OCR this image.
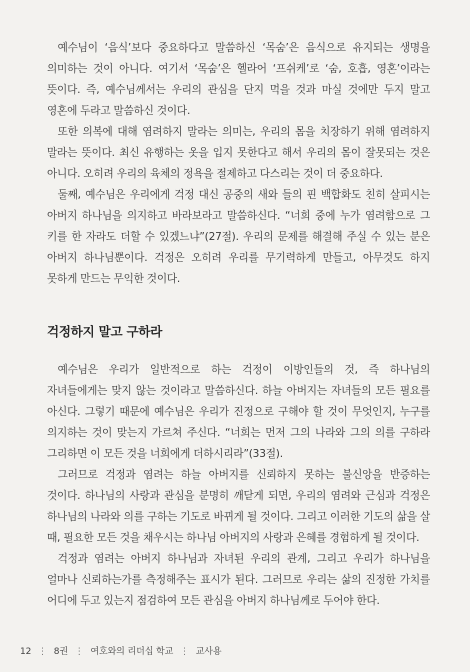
예수님이 ‘음식’보다 중요하다고 말씀하신 ‘목숨’은 음식으로 유지되는 생명을 의미하는 것이 아니다. 여기서 ‘목숨’은 헬라어 ‘프쉬케’로 ‘숨, 호흡, 영혼’이라는 뜻이다. 즉, 예수님께서는 우리의 관심을 단지 먹을 것과 마실 것에만 두지 말고 영혼에 두라고 말씀하신 것이다.

또한 의복에 대해 염려하지 말라는 의미는, 우리의 몸을 치장하기 위해 염려하지 말라는 뜻이다. 최신 유행하는 옷을 입지 못한다고 해서 우리의 몸이 잘못되는 것은 아니다. 오히려 우리의 육체의 정욕을 절제하고 다스리는 것이 더 중요하다.

둘째, 예수님은 우리에게 걱정 대신 공중의 새와 들의 핀 백합화도 친히 살피시는 아버지 하나님을 의지하고 바라보라고 말씀하신다. “너희 중에 누가 염려함으로 그 키를 한 자라도 더할 수 있겠느냐”(27절). 우리의 문제를 해결해 주실 수 있는 분은 아버지 하나님뿐이다. 걱정은 오히려 우리를 무기력하게 만들고, 아무것도 하지 못하게 만드는 무익한 것이다.

걱정하지 말고 구하라

예수님은 우리가 일반적으로 하는 걱정이 이방인들의 것, 즉 하나님의 자녀들에게는 맞지 않는 것이라고 말씀하신다. 하늘 아버지는 자녀들의 모든 필요를 아신다. 그렇기 때문에 예수님은 우리가 진정으로 구해야 할 것이 무엇인지, 누구를 의지하는 것이 맞는지 가르쳐 주신다. “너희는 먼저 그의 나라와 그의 의를 구하라 그리하면 이 모든 것을 너희에게 더하시리라”(33절).

그러므로 걱정과 염려는 하늘 아버지를 신뢰하지 못하는 불신앙을 반증하는 것이다. 하나님의 사랑과 관심을 분명히 깨닫게 되면, 우리의 염려와 근심과 걱정은 하나님의 나라와 의를 구하는 기도로 바뀌게 될 것이다. 그리고 이러한 기도의 삶을 살 때, 필요한 모든 것을 채우시는 하나님 아버지의 사랑과 은혜를 경험하게 될 것이다.

걱정과 염려는 아버지 하나님과 자녀된 우리의 관계, 그리고 우리가 하나님을 얼마나 신뢰하는가를 측정해주는 표시가 된다. 그러므로 우리는 삶의 진정한 가치를 어디에 두고 있는지 점검하여 모든 관심을 아버지 하나님께로 두어야 한다.

12 ⋮ 8권 ⋮ 여호와의 리더십 학교 ⋮ 교사용
